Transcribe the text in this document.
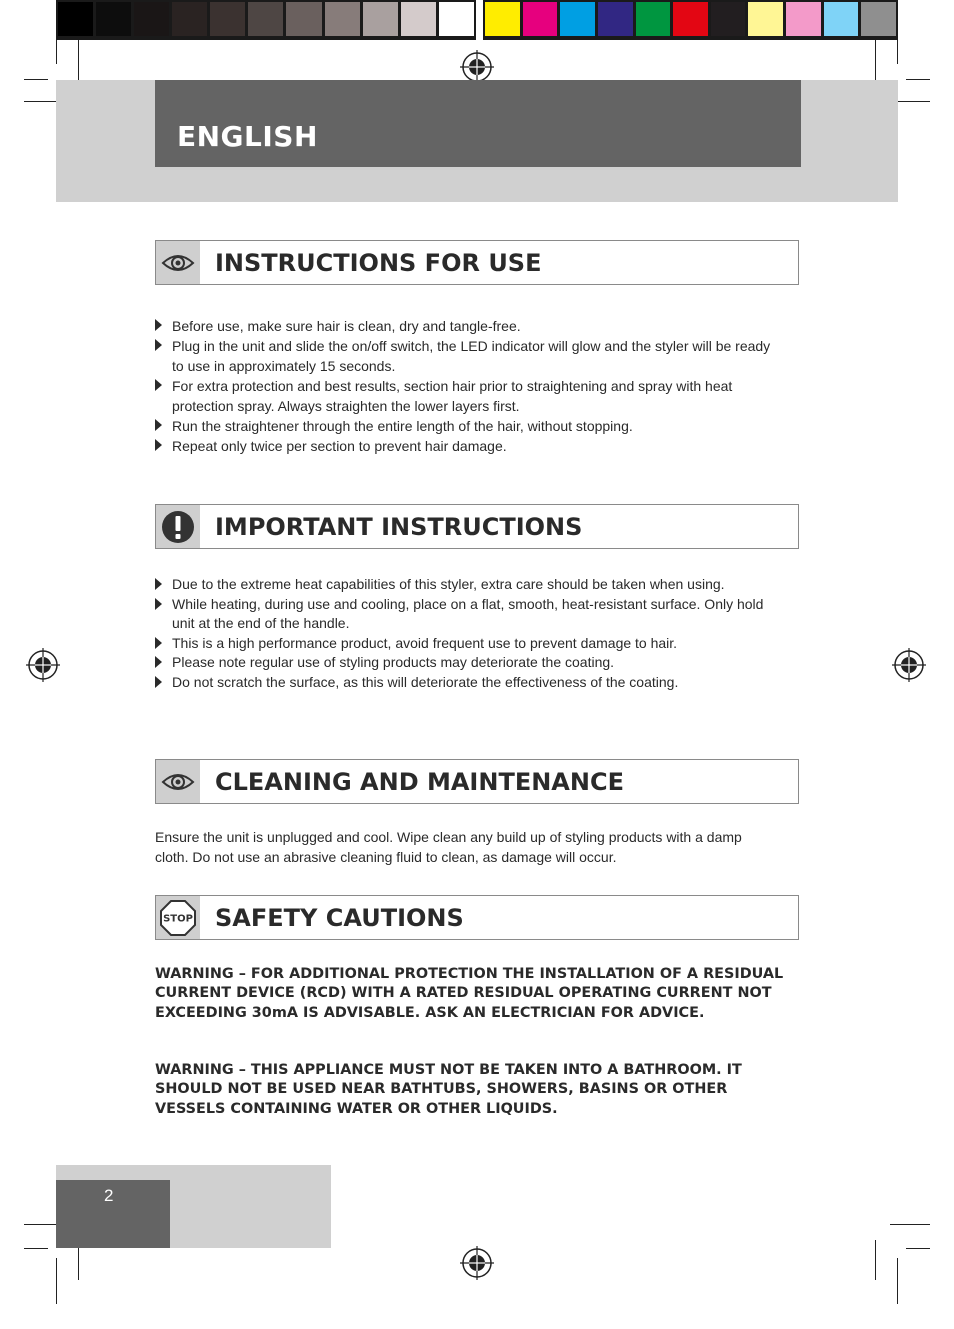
ENGLISH
INSTRUCTIONS FOR USE
Before use, make sure hair is clean, dry and tangle-free.
Plug in the unit and slide the on/off switch, the LED indicator will glow and the styler will be ready to use in approximately 15 seconds.
For extra protection and best results, section hair prior to straightening and spray with heat protection spray. Always straighten the lower layers first.
Run the straightener through the entire length of the hair, without stopping.
Repeat only twice per section to prevent hair damage.
IMPORTANT INSTRUCTIONS
Due to the extreme heat capabilities of this styler, extra care should be taken when using.
While heating, during use and cooling, place on a flat, smooth, heat-resistant surface. Only hold unit at the end of the handle.
This is a high performance product, avoid frequent use to prevent damage to hair.
Please note regular use of styling products may deteriorate the coating.
Do not scratch the surface, as this will deteriorate the effectiveness of the coating.
CLEANING AND MAINTENANCE
Ensure the unit is unplugged and cool. Wipe clean any build up of styling products with a damp cloth. Do not use an abrasive cleaning fluid to clean, as damage will occur.
STOP SAFETY CAUTIONS
WARNING – FOR ADDITIONAL PROTECTION THE INSTALLATION OF A RESIDUAL CURRENT DEVICE (RCD) WITH A RATED RESIDUAL OPERATING CURRENT NOT EXCEEDING 30mA IS ADVISABLE. ASK AN ELECTRICIAN FOR ADVICE.
WARNING – THIS APPLIANCE MUST NOT BE TAKEN INTO A BATHROOM. IT SHOULD NOT BE USED NEAR BATHTUBS, SHOWERS, BASINS OR OTHER VESSELS CONTAINING WATER OR OTHER LIQUIDS.
2
